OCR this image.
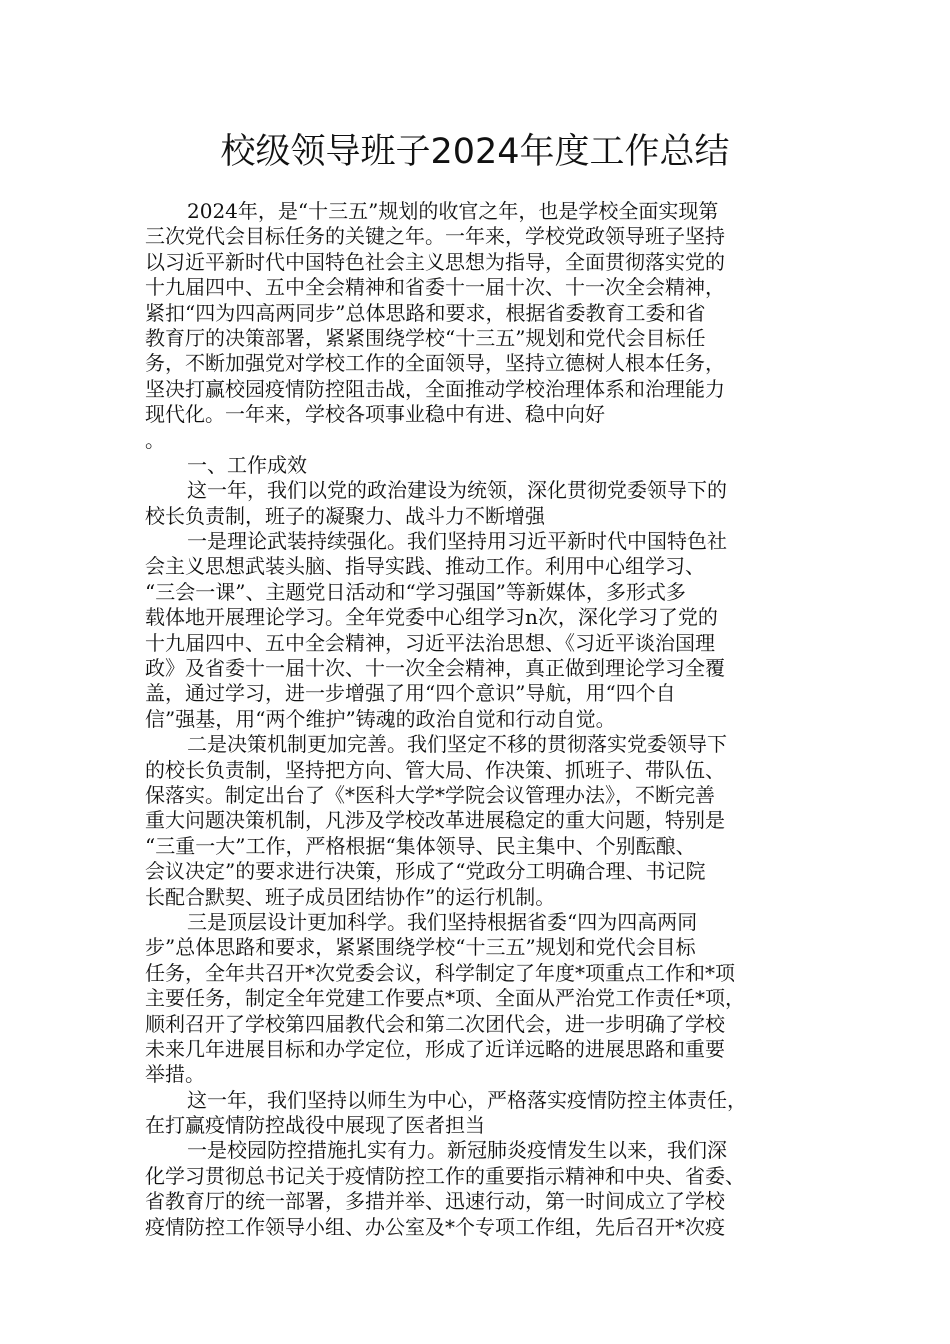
校级领导班子2024年度工作总结
2024年，是“十三五”规划的收官之年，也是学校全面实现第
三次党代会目标任务的关键之年。一年来，学校党政领导班子坚持
以习近平新时代中国特色社会主义思想为指导，全面贯彻落实党的
十九届四中、五中全会精神和省委十一届十次、十一次全会精神，
紧扣“四为四高两同步”总体思路和要求，根据省委教育工委和省
教育厅的决策部署，紧紧围绕学校“十三五”规划和党代会目标任
务，不断加强党对学校工作的全面领导，坚持立德树人根本任务，
坚决打赢校园疫情防控阻击战，全面推动学校治理体系和治理能力
现代化。一年来，学校各项事业稳中有进、稳中向好
。
一、工作成效
这一年，我们以党的政治建设为统领，深化贯彻党委领导下的
校长负责制，班子的凝聚力、战斗力不断增强
一是理论武装持续强化。我们坚持用习近平新时代中国特色社
会主义思想武装头脑、指导实践、推动工作。利用中心组学习、
“三会一课”、主题党日活动和“学习强国”等新媒体，多形式多
载体地开展理论学习。全年党委中心组学习n次，深化学习了党的
十九届四中、五中全会精神，习近平法治思想、《习近平谈治国理
政》及省委十一届十次、十一次全会精神，真正做到理论学习全覆
盖，通过学习，进一步增强了用“四个意识”导航，用“四个自
信”强基，用“两个维护”铸魂的政治自觉和行动自觉。
二是决策机制更加完善。我们坚定不移的贯彻落实党委领导下
的校长负责制，坚持把方向、管大局、作决策、抓班子、带队伍、
保落实。制定出台了《*医科大学*学院会议管理办法》，不断完善
重大问题决策机制，凡涉及学校改革进展稳定的重大问题，特别是
“三重一大”工作，严格根据“集体领导、民主集中、个别酝酿、
会议决定”的要求进行决策，形成了“党政分工明确合理、书记院
长配合默契、班子成员团结协作”的运行机制。
三是顶层设计更加科学。我们坚持根据省委“四为四高两同
步”总体思路和要求，紧紧围绕学校“十三五”规划和党代会目标
任务，全年共召开*次党委会议，科学制定了年度*项重点工作和*项
主要任务，制定全年党建工作要点*项、全面从严治党工作责任*项，
顺利召开了学校第四届教代会和第二次团代会，进一步明确了学校
未来几年进展目标和办学定位，形成了近详远略的进展思路和重要
举措。
这一年，我们坚持以师生为中心，严格落实疫情防控主体责任，
在打赢疫情防控战役中展现了医者担当
一是校园防控措施扎实有力。新冠肺炎疫情发生以来，我们深
化学习贯彻总书记关于疫情防控工作的重要指示精神和中央、省委、
省教育厅的统一部署，多措并举、迅速行动，第一时间成立了学校
疫情防控工作领导小组、办公室及*个专项工作组，先后召开*次疫
